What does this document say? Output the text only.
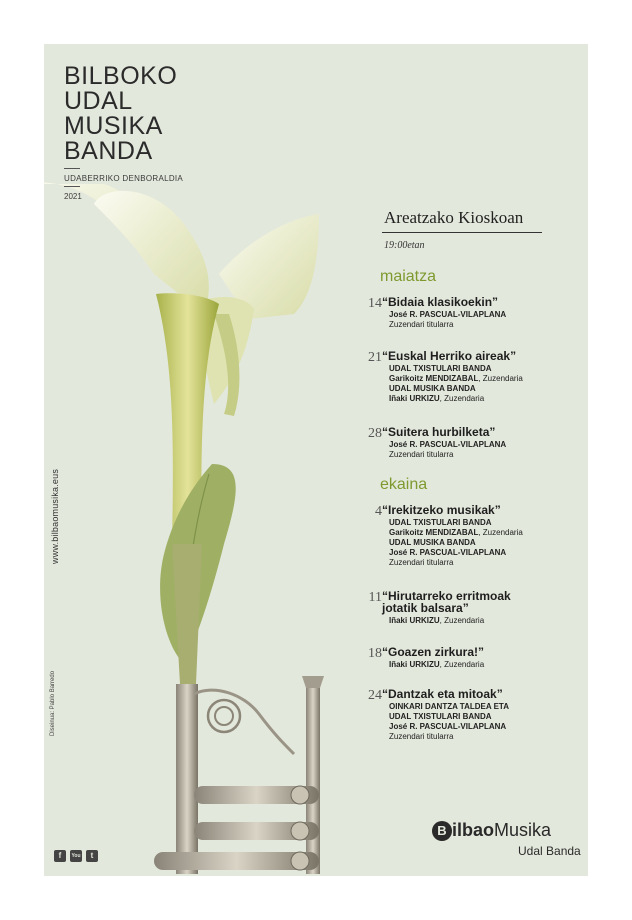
BILBOKO
UDAL
MUSIKA
BANDA
UDABERRIKO DENBORALDIA
2021
Areatzako Kioskoan
19:00etan
maiatza
14 “Bidaia klasikoekin”
José R. PASCUAL-VILAPLANA
Zuzendari titularra
21 “Euskal Herriko aireak”
UDAL TXISTULARI BANDA
Garikoitz MENDIZABAL, Zuzendaria
UDAL MUSIKA BANDA
Iñaki URKIZU, Zuzendaria
28 “Suitera hurbilketa”
José R. PASCUAL-VILAPLANA
Zuzendari titularra
ekaina
4 “Irekitzeko musikak”
UDAL TXISTULARI BANDA
Garikoitz MENDIZABAL, Zuzendaria
UDAL MUSIKA BANDA
José R. PASCUAL-VILAPLANA
Zuzendari titularra
11 “Hirutarreko erritmoak
jotatik balsara”
Iñaki URKIZU, Zuzendaria
18 “Goazen zirkura!”
Iñaki URKIZU, Zuzendaria
24 “Dantzak eta mitoak”
OINKARI DANTZA TALDEA ETA
UDAL TXISTULARI BANDA
José R. PASCUAL-VILAPLANA
Zuzendari titularra
www.bilbaomusika.eus
Diseinua: Pablo Barredo
f	You	t
B ilbaoMusika
Udal Banda
